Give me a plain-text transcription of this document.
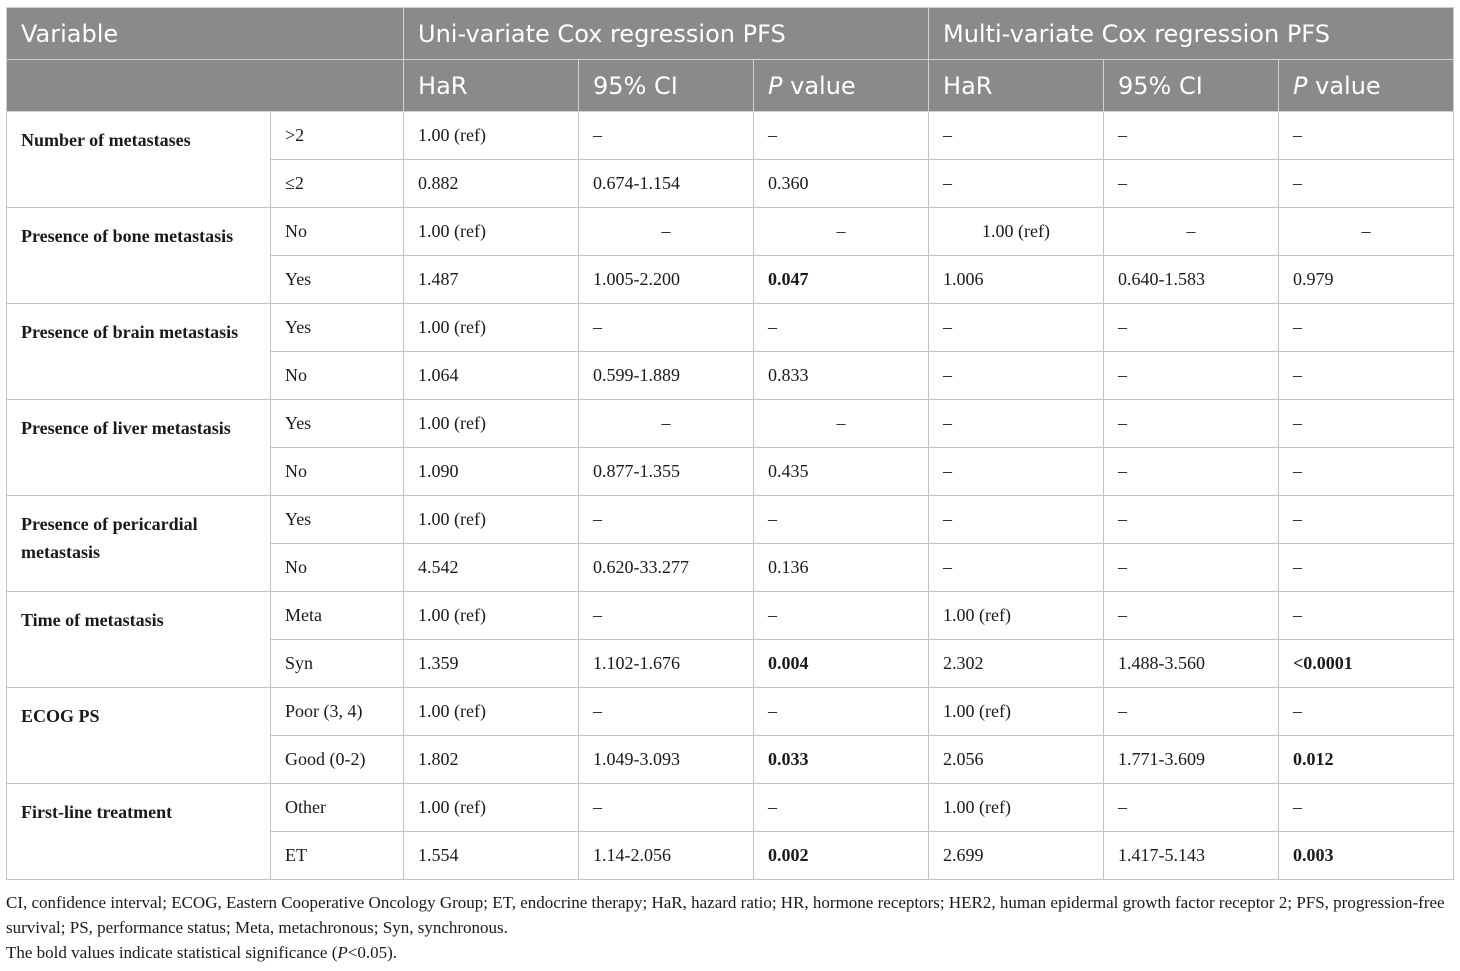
Variable		Uni-variate Cox regression PFS			Multi-variate Cox regression PFS		
		HaR	95% CI	P value	HaR	95% CI	P value
Number of metastases	>2	1.00 (ref)	–	–	–	–	–
	≤2	0.882	0.674-1.154	0.360	–	–	–
Presence of bone metastasis	No	1.00 (ref)	–	–	1.00 (ref)	–	–
	Yes	1.487	1.005-2.200	0.047	1.006	0.640-1.583	0.979
Presence of brain metastasis	Yes	1.00 (ref)	–	–	–	–	–
	No	1.064	0.599-1.889	0.833	–	–	–
Presence of liver metastasis	Yes	1.00 (ref)	–	–	–	–	–
	No	1.090	0.877-1.355	0.435	–	–	–
Presence of pericardial metastasis	Yes	1.00 (ref)	–	–	–	–	–
	No	4.542	0.620-33.277	0.136	–	–	–
Time of metastasis	Meta	1.00 (ref)	–	–	1.00 (ref)	–	–
	Syn	1.359	1.102-1.676	0.004	2.302	1.488-3.560	<0.0001
ECOG PS	Poor (3, 4)	1.00 (ref)	–	–	1.00 (ref)	–	–
	Good (0-2)	1.802	1.049-3.093	0.033	2.056	1.771-3.609	0.012
First-line treatment	Other	1.00 (ref)	–	–	1.00 (ref)	–	–
	ET	1.554	1.14-2.056	0.002	2.699	1.417-5.143	0.003
CI, confidence interval; ECOG, Eastern Cooperative Oncology Group; ET, endocrine therapy; HaR, hazard ratio; HR, hormone receptors; HER2, human epidermal growth factor receptor 2; PFS, progression-free survival; PS, performance status; Meta, metachronous; Syn, synchronous.
The bold values indicate statistical significance (P<0.05).
